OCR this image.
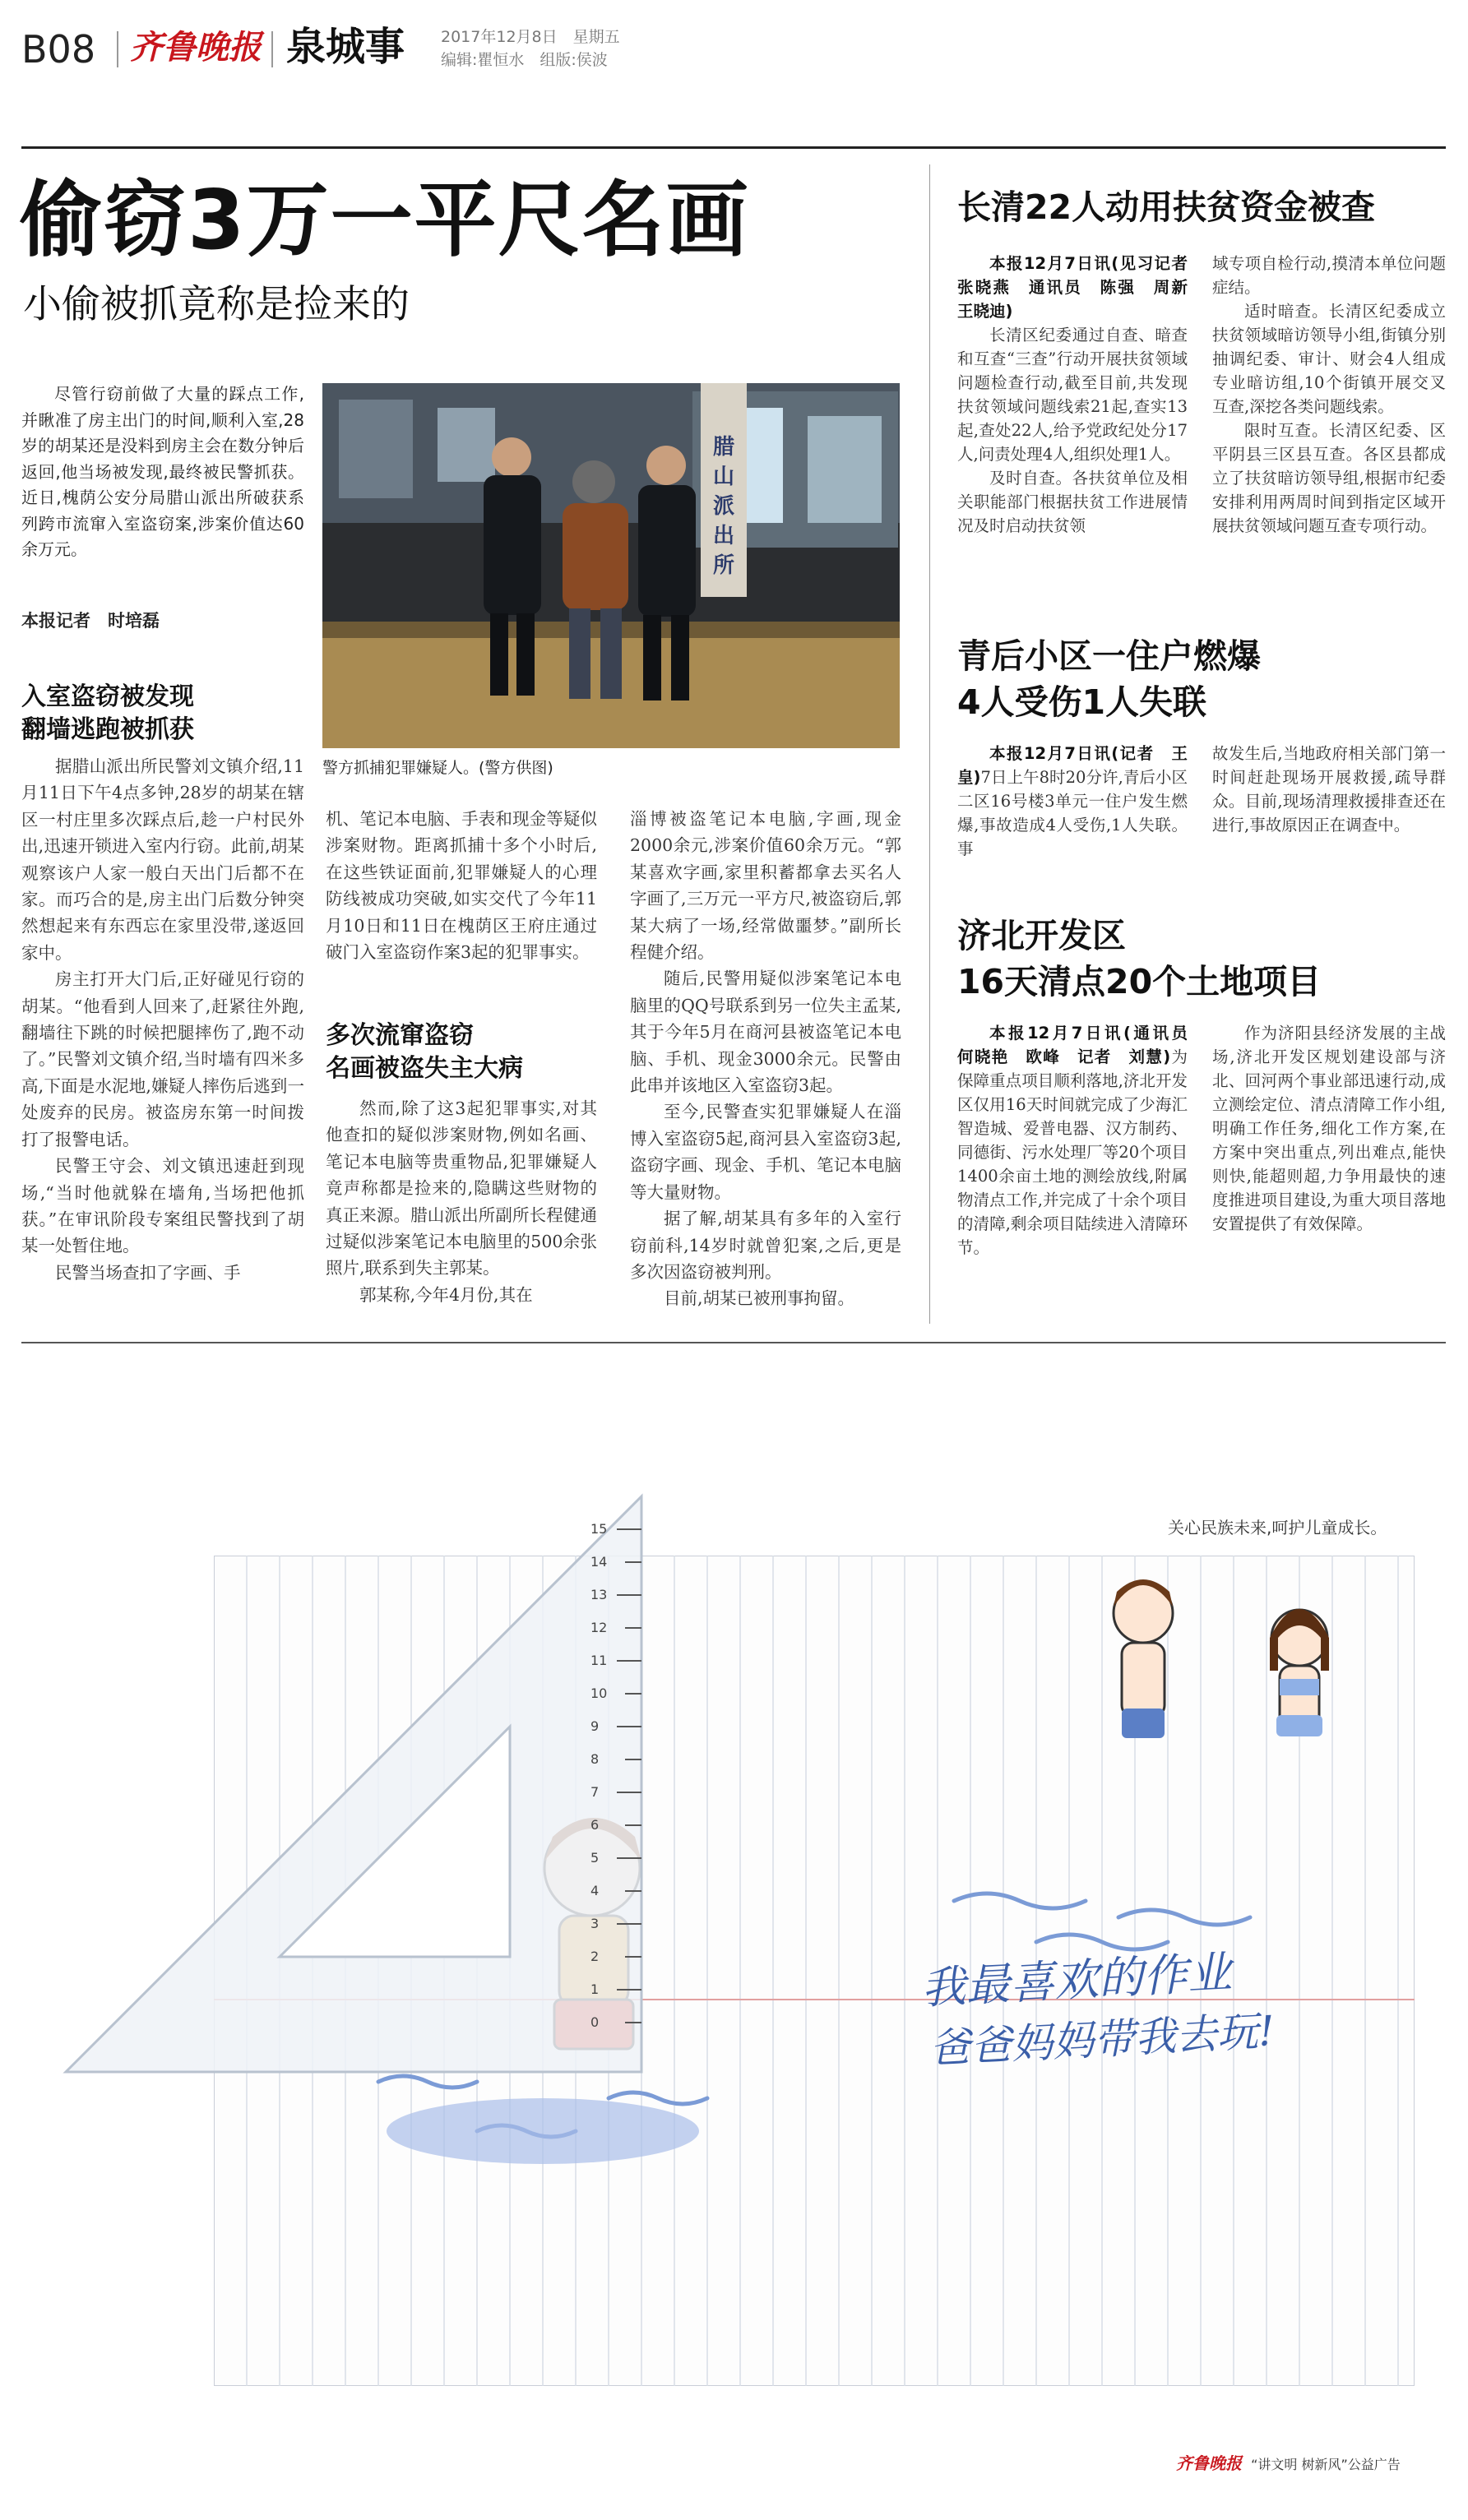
B08 齐鲁晚报 泉城事 2017年12月8日　星期五
编辑:瞿恒水　组版:侯波
偷窃3万一平尺名画
小偷被抓竟称是捡来的

尽管行窃前做了大量的踩点工作,并瞅准了房主出门的时间,顺利入室,28岁的胡某还是没料到房主会在数分钟后返回,他当场被发现,最终被民警抓获。近日,槐荫公安分局腊山派出所破获系列跨市流窜入室盗窃案,涉案价值达60余万元。

本报记者　时培磊
腊山派出所
警方抓捕犯罪嫌疑人。(警方供图)
入室盗窃被发现
翻墙逃跑被抓获

据腊山派出所民警刘文镇介绍,11月11日下午4点多钟,28岁的胡某在辖区一村庄里多次踩点后,趁一户村民外出,迅速开锁进入室内行窃。此前,胡某观察该户人家一般白天出门后都不在家。而巧合的是,房主出门后数分钟突然想起来有东西忘在家里没带,遂返回家中。

房主打开大门后,正好碰见行窃的胡某。“他看到人回来了,赶紧往外跑,翻墙往下跳的时候把腿摔伤了,跑不动了。”民警刘文镇介绍,当时墙有四米多高,下面是水泥地,嫌疑人摔伤后逃到一处废弃的民房。被盗房东第一时间拨打了报警电话。

民警王守会、刘文镇迅速赶到现场,“当时他就躲在墙角,当场把他抓获。”在审讯阶段专案组民警找到了胡某一处暂住地。

民警当场查扣了字画、手

机、笔记本电脑、手表和现金等疑似涉案财物。距离抓捕十多个小时后,在这些铁证面前,犯罪嫌疑人的心理防线被成功突破,如实交代了今年11月10日和11日在槐荫区王府庄通过破门入室盗窃作案3起的犯罪事实。

多次流窜盗窃
名画被盗失主大病

然而,除了这3起犯罪事实,对其他查扣的疑似涉案财物,例如名画、笔记本电脑等贵重物品,犯罪嫌疑人竟声称都是捡来的,隐瞒这些财物的真正来源。腊山派出所副所长程健通过疑似涉案笔记本电脑里的500余张照片,联系到失主郭某。

郭某称,今年4月份,其在

淄博被盗笔记本电脑,字画,现金2000余元,涉案价值60余万元。“郭某喜欢字画,家里积蓄都拿去买名人字画了,三万元一平方尺,被盗窃后,郭某大病了一场,经常做噩梦。”副所长程健介绍。

随后,民警用疑似涉案笔记本电脑里的QQ号联系到另一位失主孟某,其于今年5月在商河县被盗笔记本电脑、手机、现金3000余元。民警由此串并该地区入室盗窃3起。

至今,民警查实犯罪嫌疑人在淄博入室盗窃5起,商河县入室盗窃3起,盗窃字画、现金、手机、笔记本电脑等大量财物。

据了解,胡某具有多年的入室行窃前科,14岁时就曾犯案,之后,更是多次因盗窃被判刑。

目前,胡某已被刑事拘留。

长清22人动用扶贫资金被查

本报12月7日讯(见习记者　张晓燕　通讯员　陈强　周新　王晓迪)

长清区纪委通过自查、暗查和互查“三查”行动开展扶贫领域问题检查行动,截至目前,共发现扶贫领域问题线索21起,查实13起,查处22人,给予党政纪处分17人,问责处理4人,组织处理1人。

及时自查。各扶贫单位及相关职能部门根据扶贫工作进展情况及时启动扶贫领

域专项自检行动,摸清本单位问题症结。

适时暗查。长清区纪委成立扶贫领域暗访领导小组,街镇分别抽调纪委、审计、财会4人组成专业暗访组,10个街镇开展交叉互查,深挖各类问题线索。

限时互查。长清区纪委、区平阴县三区县互查。各区县都成立了扶贫暗访领导组,根据市纪委安排利用两周时间到指定区域开展扶贫领域问题互查专项行动。

青后小区一住户燃爆
4人受伤1人失联

本报12月7日讯(记者　王皇)7日上午8时20分许,青后小区二区16号楼3单元一住户发生燃爆,事故造成4人受伤,1人失联。事

故发生后,当地政府相关部门第一时间赶赴现场开展救援,疏导群众。目前,现场清理救援排查还在进行,事故原因正在调查中。

济北开发区
16天清点20个土地项目

本报12月7日讯(通讯员　何晓艳　欧峰　记者　刘慧)为保障重点项目顺利落地,济北开发区仅用16天时间就完成了少海汇智造城、爱普电器、汉方制药、同德街、污水处理厂等20个项目1400余亩土地的测绘放线,附属物清点工作,并完成了十余个项目的清障,剩余项目陆续进入清障环节。

作为济阳县经济发展的主战场,济北开发区规划建设部与济北、回河两个事业部迅速行动,成立测绘定位、清点清障工作小组,明确工作任务,细化工作方案,在方案中突出重点,列出难点,能快则快,能超则超,力争用最快的速度推进项目建设,为重大项目落地安置提供了有效保障。

关心民族未来,呵护儿童成长。
15
14
13
12
11
10
9
8
7
6
5
4
3
2
1
0
我最喜欢的作业
爸爸妈妈带我去玩!
齐鲁晚报 “讲文明 树新风”公益广告
